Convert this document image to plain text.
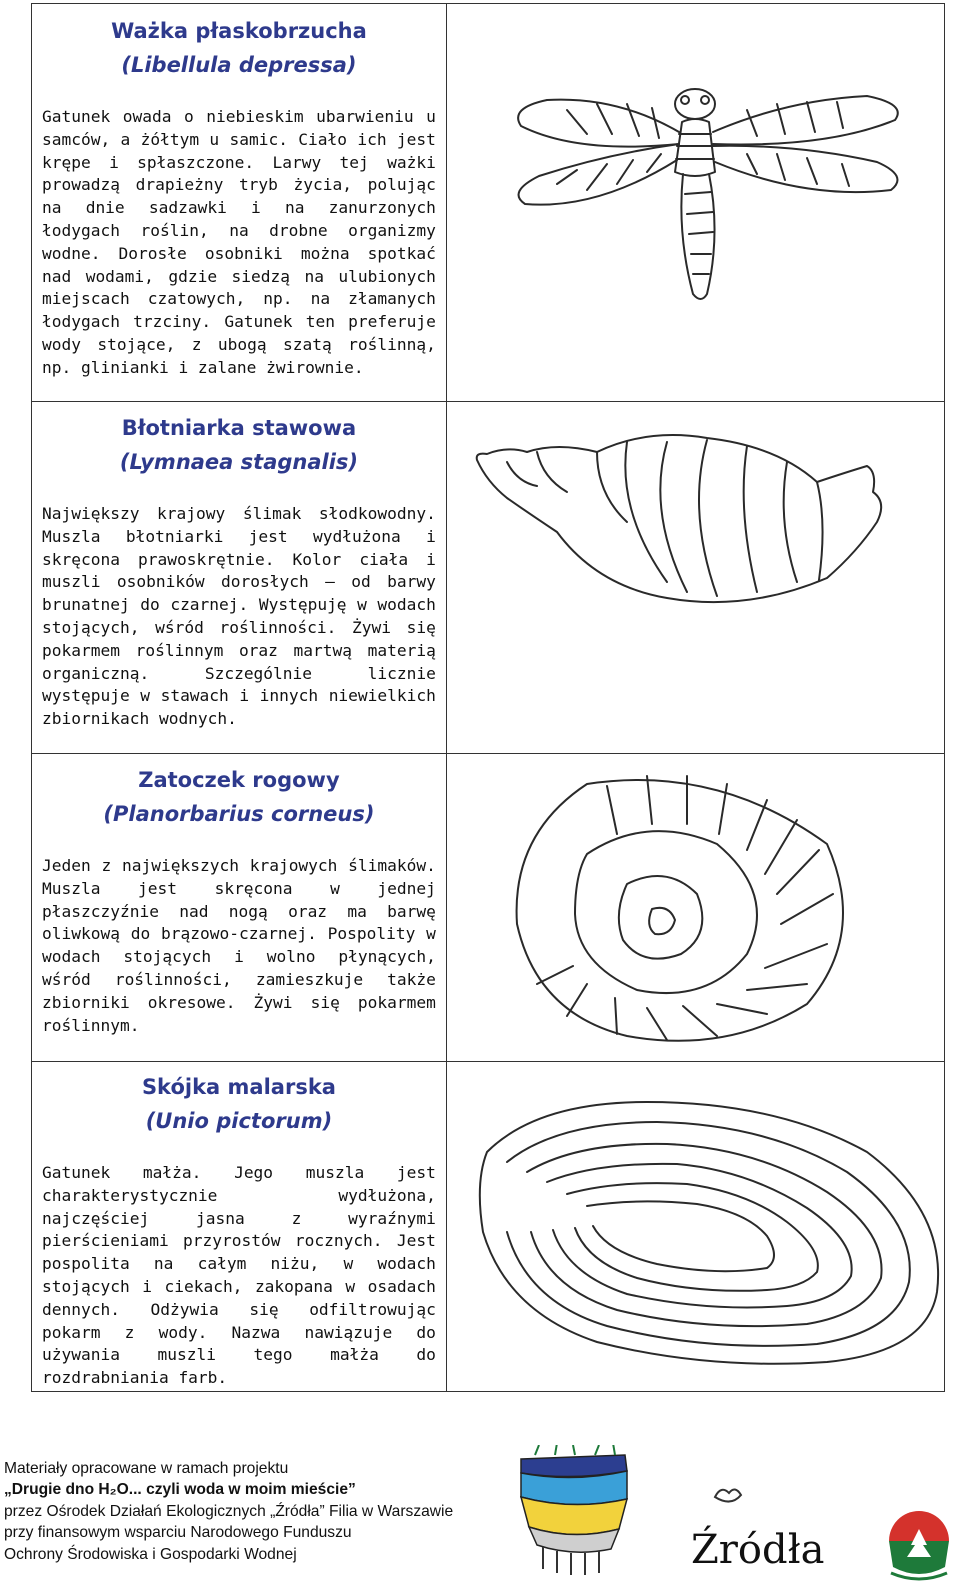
Ważka płaskobrzucha

(Libellula depressa)

Gatunek owada o niebieskim ubarwieniu u samców, a żółtym u samic. Ciało ich jest krępe i spłaszczone. Larwy tej ważki prowadzą drapieżny tryb życia, polując na dnie sadzawki i na zanurzonych łodygach roślin, na drobne organizmy wodne. Dorosłe osobniki można spotkać nad wodami, gdzie siedzą na ulubionych miejscach czatowych, np. na złamanych łodygach trzciny. Gatunek ten preferuje wody stojące, z ubogą szatą roślinną, np. glinianki i zalane żwirownie.

Błotniarka stawowa

(Lymnaea stagnalis)

Największy krajowy ślimak słodkowodny. Muszla błotniarki jest wydłużona i skręcona prawoskrętnie. Kolor ciała i muszli osobników dorosłych – od barwy brunatnej do czarnej. Występuję w wodach stojących, wśród roślinności. Żywi się pokarmem roślinnym oraz martwą materią organiczną. Szczególnie licznie występuje w stawach i innych niewielkich zbiornikach wodnych.

Zatoczek rogowy

(Planorbarius corneus)

Jeden z największych krajowych ślimaków. Muszla jest skręcona w jednej płaszczyźnie nad nogą oraz ma barwę oliwkową do brązowo-czarnej. Pospolity w wodach stojących i wolno płynących, wśród roślinności, zamieszkuje także zbiorniki okresowe. Żywi się pokarmem roślinnym.

Skójka malarska

(Unio pictorum)

Gatunek małża. Jego muszla jest charakterystycznie wydłużona, najczęściej jasna z wyraźnymi pierścieniami przyrostów rocznych. Jest pospolita na całym niżu, w wodach stojących i ciekach, zakopana w osadach dennych. Odżywia się odfiltrowując pokarm z wody. Nazwa nawiązuje do używania muszli tego małża do rozdrabniania farb.

Materiały opracowane w ramach projektu
„Drugie dno H₂O... czyli woda w moim mieście”
przez Ośrodek Działań Ekologicznych „Źródła” Filia w Warszawie
przy finansowym wsparciu Narodowego Funduszu
Ochrony Środowiska i Gospodarki Wodnej	Źródła
